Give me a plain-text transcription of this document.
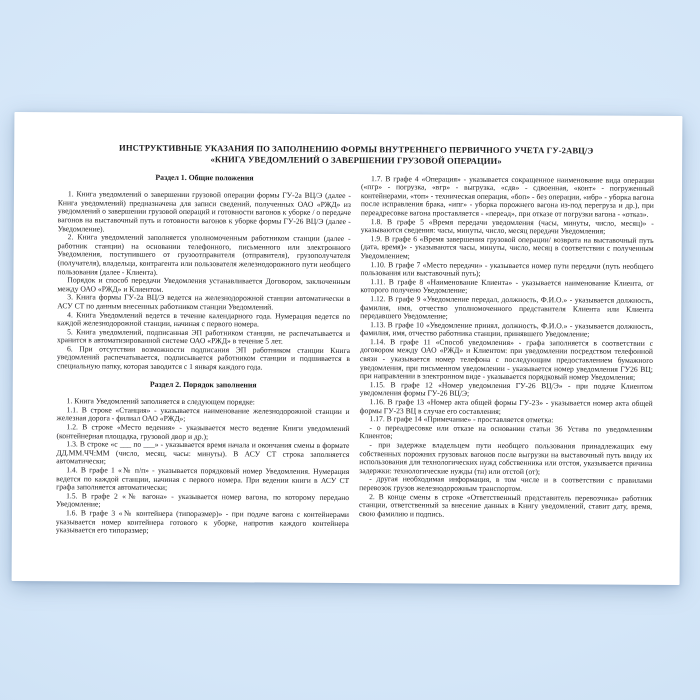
ИНСТРУКТИВНЫЕ УКАЗАНИЯ ПО ЗАПОЛНЕНИЮ ФОРМЫ ВНУТРЕННЕГО ПЕРВИЧНОГО УЧЕТА ГУ-2АВЦ/Э
«КНИГА УВЕДОМЛЕНИЙ О ЗАВЕРШЕНИИ ГРУЗОВОЙ ОПЕРАЦИИ»
Раздел 1. Общие положения

1. Книга уведомлений о завершении грузовой операции формы ГУ-2а ВЦ/Э (далее - Книга уведомлений) предназначена для записи сведений, полученных ОАО «РЖД» из уведомлений о завершении грузовой операций и готовности вагонов к уборке / о передаче вагонов на выставочный путь и готовности вагонов к уборке формы ГУ-26 ВЦ/Э (далее - Уведомление).

2. Книга уведомлений заполняется уполномоченным работником станции (далее - работник станции) на основании телефонного, письменного или электронного Уведомления, поступившего от грузоотправителя (отправителя), грузополучателя (получателя), владельца, контрагента или пользователя железнодорожного пути необщего пользования (далее - Клиента).

Порядок и способ передачи Уведомления устанавливается Договором, заключенным между ОАО «РЖД» и Клиентом.

3. Книга формы ГУ-2а ВЦ/Э ведется на железнодорожной станции автоматически в АСУ СТ по данным внесенных работником станции Уведомлений.

4. Книга Уведомлений ведется в течение календарного года. Нумерация ведется по каждой железнодорожной станции, начиная с первого номера.

5. Книга уведомлений, подписанная ЭП работником станции, не распечатывается и хранится в автоматизированной системе ОАО «РЖД» в течение 5 лет.

6. При отсутствии возможности подписания ЭП работником станции Книга уведомлений распечатывается, подписывается работником станции и подшивается в специальную папку, которая заводится с 1 января каждого года.

Раздел 2. Порядок заполнения

1. Книга Уведомлений заполняется в следующем порядке:

1.1. В строке «Станция» - указывается наименование железнодорожной станции и железная дорога - филиал ОАО «РЖД»;

1.2. В строке «Место ведения» - указывается место ведение Книги уведомлений (контейнерная площадка, грузовой двор и др.);

1.3. В строке «с ___ по ___» - указывается время начала и окончания смены в формате ДД.ММ.ЧЧ:ММ (число, месяц, часы: минуты). В АСУ СТ строка заполняется автоматически;

1.4. В графе 1 «№ п/п» - указывается порядковый номер Уведомления. Нумерация ведется по каждой станции, начиная с первого номера. При ведении книги в АСУ СТ графа заполняется автоматически;

1.5. В графе 2 «№ вагона» - указывается номер вагона, по которому передано Уведомление;

1.6. В графе 3 «№ контейнера (типоразмер)» - при подаче вагона с контейнерами указывается номер контейнера готового к уборке, напротив каждого контейнера указывается его типоразмер;

1.7. В графе 4 «Операция» - указывается сокращенное наименование вида операции («пгр» - погрузка, «вгр» - выгрузка, «сдв» - сдвоенная, «конт» - погруженный контейнерами, «топ» - техническая операция, «боп» - без операции, «ибр» - уборка вагона после исправления брака, «ипг» - уборка порожнего вагона из-под перегруза и др.), при переадресовке вагона проставляется - «переад», при отказе от погрузки вагона - «отказ».

1.8. В графе 5 «Время передачи уведомления (часы, минуты, число, месяц)» - указываются сведения: часы, минуты, число, месяц передачи Уведомления;

1.9. В графе 6 «Время завершения грузовой операции/ возврата на выставочный путь (дата, время)» - указываются часы, минуты, число, месяц в соответствии с полученным Уведомлением;

1.10. В графе 7 «Место передачи» - указывается номер пути передачи (путь необщего пользования или выставочный путь);

1.11. В графе 8 «Наименование Клиента» - указывается наименование Клиента, от которого получено Уведомление;

1.12. В графе 9 «Уведомление передал, должность, Ф.И.О.» - указывается должность, фамилия, имя, отчество уполномоченного представителя Клиента или Клиента передавшего Уведомление;

1.13. В графе 10 «Уведомление принял, должность, Ф.И.О.» - указывается должность, фамилия, имя, отчество работника станции, принявшего Уведомление;

1.14. В графе 11 «Способ уведомления» - графа заполняется в соответствии с договором между ОАО «РЖД» и Клиентом: при уведомлении посредством телефонной связи - указывается номер телефона с последующим предоставлением бумажного уведомления, при письменном уведомлении - указывается номер уведомления ГУ26 ВЦ; при направлении в электронном виде - указывается порядковый номер Уведомления;

1.15. В графе 12 «Номер уведомления ГУ-26 ВЦ/Э» - при подаче Клиентом уведомления формы ГУ-26 ВЦ/Э;

1.16. В графе 13 «Номер акта общей формы ГУ-23» - указывается номер акта общей формы ГУ-23 ВЦ в случае его составления;

1.17. В графе 14 «Примечание» - проставляется отметка:

- о переадресовке или отказе на основании статьи 36 Устава по уведомлениям Клиентов;

- при задержке владельцем пути необщего пользования принадлежащих ему собственных порожних грузовых вагонов после выгрузки на выставочный путь ввиду их использования для технологических нужд собственника или отстоя, указывается причина задержки: технологические нужды (тн) или отстой (от);

- другая необходимая информация, в том числе и в соответствии с правилами перевозок грузов железнодорожным транспортом.

2. В конце смены в строке «Ответственный представитель перевозчика» работник станции, ответственный за внесение данных в Книгу уведомлений, ставит дату, время, свою фамилию и подпись.
